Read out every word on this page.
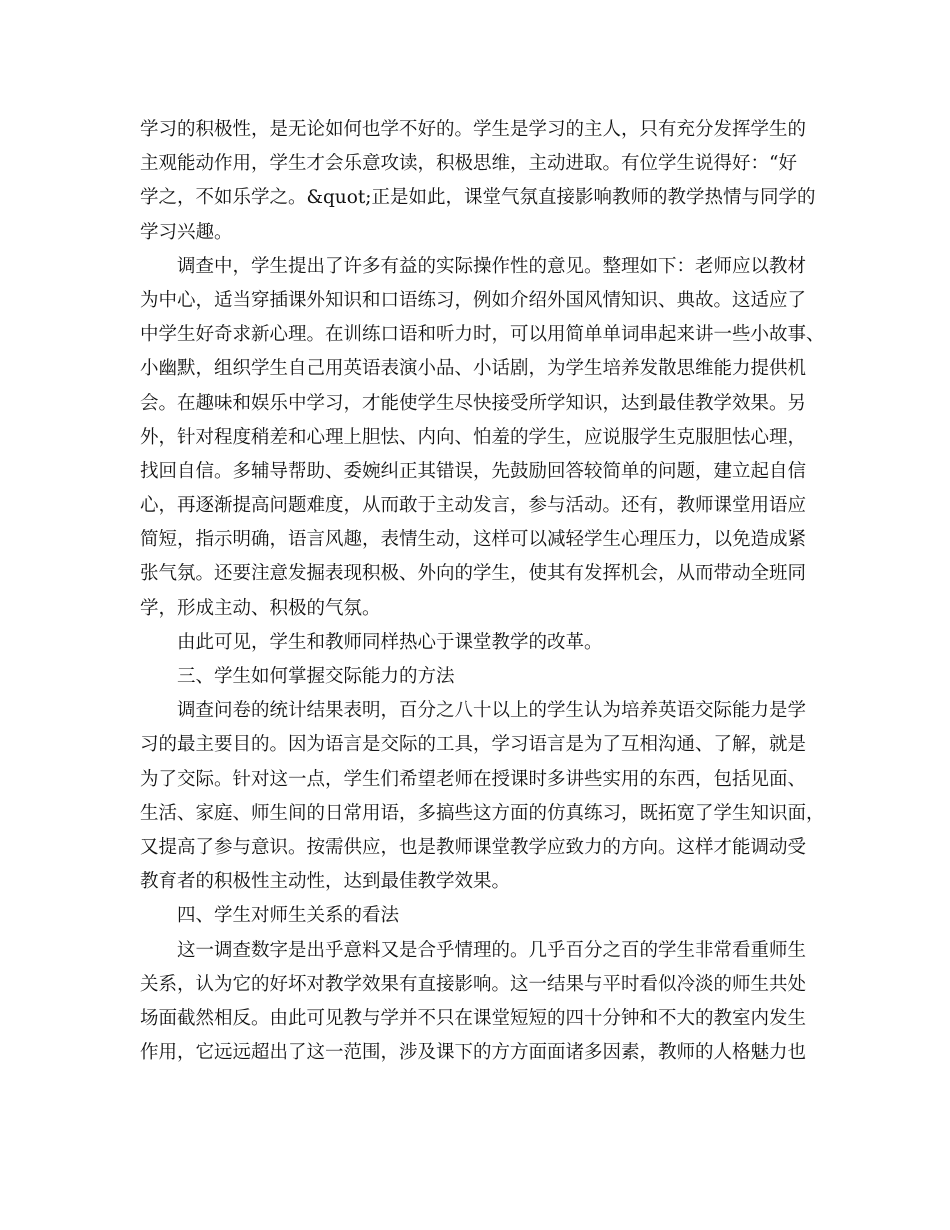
学习的积极性，是无论如何也学不好的。学生是学习的主人，只有充分发挥学生的
主观能动作用，学生才会乐意攻读，积极思维，主动进取。有位学生说得好：“好
学之，不如乐学之。&quot;正是如此，课堂气氛直接影响教师的教学热情与同学的
学习兴趣。
调查中，学生提出了许多有益的实际操作性的意见。整理如下：老师应以教材
为中心，适当穿插课外知识和口语练习，例如介绍外国风情知识、典故。这适应了
中学生好奇求新心理。在训练口语和听力时，可以用简单单词串起来讲一些小故事、
小幽默，组织学生自己用英语表演小品、小话剧，为学生培养发散思维能力提供机
会。在趣味和娱乐中学习，才能使学生尽快接受所学知识，达到最佳教学效果。另
外，针对程度稍差和心理上胆怯、内向、怕羞的学生，应说服学生克服胆怯心理，
找回自信。多辅导帮助、委婉纠正其错误，先鼓励回答较简单的问题，建立起自信
心，再逐渐提高问题难度，从而敢于主动发言，参与活动。还有，教师课堂用语应
简短，指示明确，语言风趣，表情生动，这样可以减轻学生心理压力，以免造成紧
张气氛。还要注意发掘表现积极、外向的学生，使其有发挥机会，从而带动全班同
学，形成主动、积极的气氛。
由此可见，学生和教师同样热心于课堂教学的改革。
三、学生如何掌握交际能力的方法
调查问卷的统计结果表明，百分之八十以上的学生认为培养英语交际能力是学
习的最主要目的。因为语言是交际的工具，学习语言是为了互相沟通、了解，就是
为了交际。针对这一点，学生们希望老师在授课时多讲些实用的东西，包括见面、
生活、家庭、师生间的日常用语，多搞些这方面的仿真练习，既拓宽了学生知识面，
又提高了参与意识。按需供应，也是教师课堂教学应致力的方向。这样才能调动受
教育者的积极性主动性，达到最佳教学效果。
四、学生对师生关系的看法
这一调查数字是出乎意料又是合乎情理的。几乎百分之百的学生非常看重师生
关系，认为它的好坏对教学效果有直接影响。这一结果与平时看似冷淡的师生共处
场面截然相反。由此可见教与学并不只在课堂短短的四十分钟和不大的教室内发生
作用，它远远超出了这一范围，涉及课下的方方面面诸多因素，教师的人格魅力也
